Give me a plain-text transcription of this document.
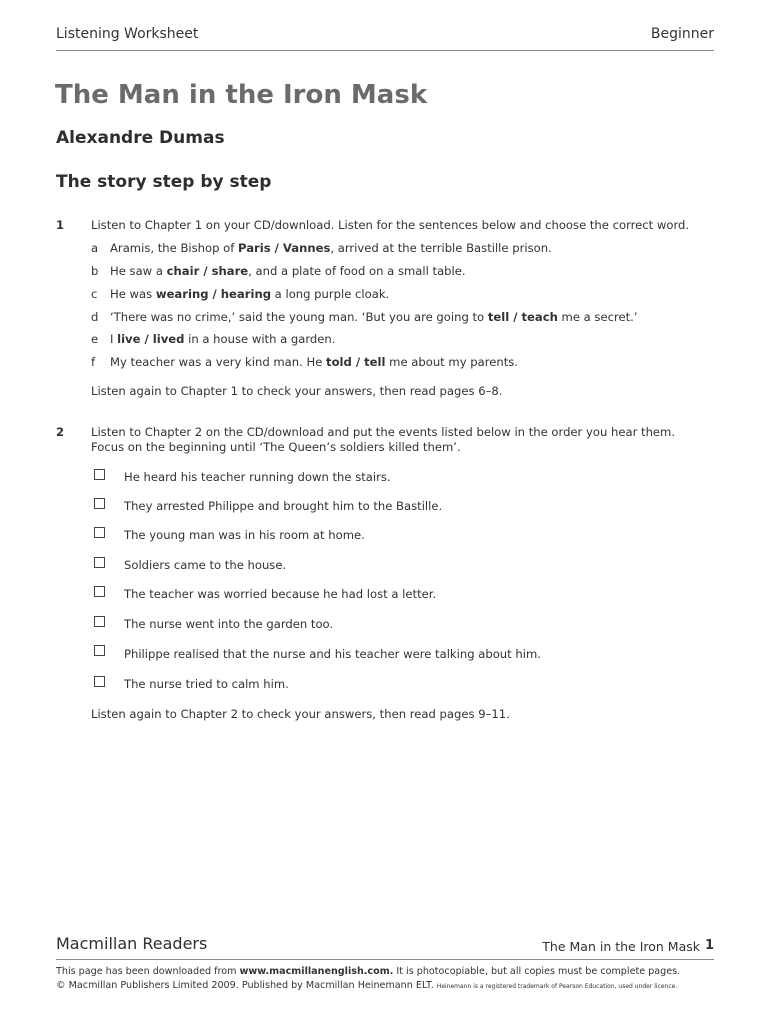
Listening Worksheet	Beginner
The Man in the Iron Mask
Alexandre Dumas
The story step by step
1 Listen to Chapter 1 on your CD/download. Listen for the sentences below and choose the correct word.
a Aramis, the Bishop of Paris / Vannes, arrived at the terrible Bastille prison.
b He saw a chair / share, and a plate of food on a small table.
c He was wearing / hearing a long purple cloak.
d ‘There was no crime,’ said the young man. ‘But you are going to tell / teach me a secret.’
e I live / lived in a house with a garden.
f My teacher was a very kind man. He told / tell me about my parents.
Listen again to Chapter 1 to check your answers, then read pages 6–8.
2 Listen to Chapter 2 on the CD/download and put the events listed below in the order you hear them.
Focus on the beginning until ‘The Queen’s soldiers killed them’.
He heard his teacher running down the stairs.
They arrested Philippe and brought him to the Bastille.
The young man was in his room at home.
Soldiers came to the house.
The teacher was worried because he had lost a letter.
The nurse went into the garden too.
Philippe realised that the nurse and his teacher were talking about him.
The nurse tried to calm him.
Listen again to Chapter 2 to check your answers, then read pages 9–11.
Macmillan Readers	The Man in the Iron Mask 1
This page has been downloaded from www.macmillanenglish.com. It is photocopiable, but all copies must be complete pages.
© Macmillan Publishers Limited 2009. Published by Macmillan Heinemann ELT. Heinemann is a registered trademark of Pearson Education, used under licence.
